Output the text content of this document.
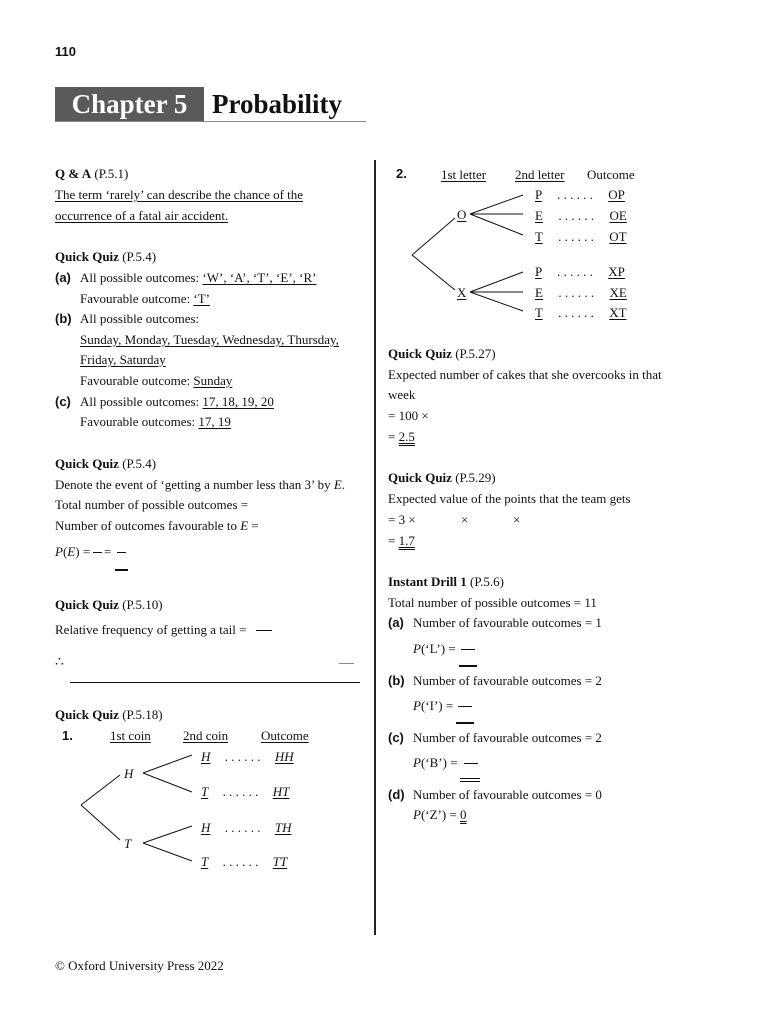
110
Chapter 5 Probability
Q & A (P.5.1)
The term ‘rarely’ can describe the chance of the
occurrence of a fatal air accident.
Quick Quiz (P.5.4)
(a) All possible outcomes: ‘W’, ‘A’, ‘T’, ‘E’, ‘R’
Favourable outcome: ‘T’
(b) All possible outcomes:
Sunday, Monday, Tuesday, Wednesday, Thursday,
Friday, Saturday
Favourable outcome: Sunday
(c) All possible outcomes: 17, 18, 19, 20
Favourable outcomes: 17, 19
Quick Quiz (P.5.4)
Denote the event of ‘getting a number less than 3’ by E.
Total number of possible outcomes =
Number of outcomes favourable to E =
P(E) = =
Quick Quiz (P.5.10)
Relative frequency of getting a tail =
∴
Quick Quiz (P.5.18)
1.	1st coin 2nd coin	Outcome
H
T
H . . . . . . HH
T . . . . . . HT
H . . . . . . TH
T . . . . . . TT
© Oxford University Press 2022
2.	1st letter 2nd letter Outcome
O
X
P . . . . . . OP
E . . . . . . OE
T . . . . . . OT
P . . . . . . XP
E . . . . . . XE
T . . . . . . XT
Quick Quiz (P.5.27)
Expected number of cakes that she overcooks in that
week
= 100 ×
= 2.5
Quick Quiz (P.5.29)
Expected value of the points that the team gets
= 3 ×	×	×
= 1.7
Instant Drill 1 (P.5.6)
Total number of possible outcomes = 11
(a) Number of favourable outcomes = 1
P(‘L’) =
(b) Number of favourable outcomes = 2
P(‘I’) =
(c) Number of favourable outcomes = 2
P(‘B’) =
(d) Number of favourable outcomes = 0
P(‘Z’) = 0
